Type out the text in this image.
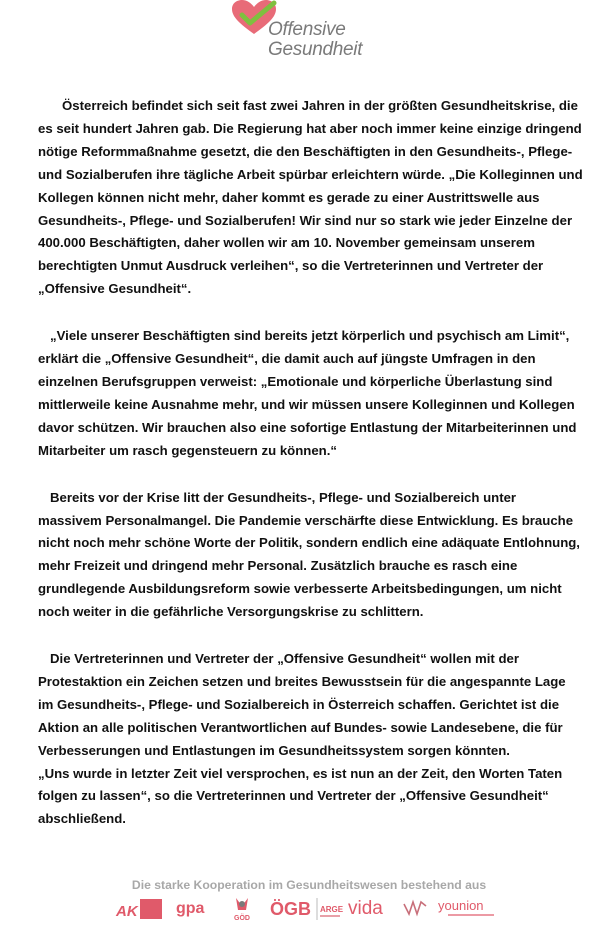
Offensive
Gesundheit

Österreich befindet sich seit fast zwei Jahren in der größten Gesundheitskrise, die es seit hundert Jahren gab. Die Regierung hat aber noch immer keine einzige dringend nötige Reformmaßnahme gesetzt, die den Beschäftigten in den Gesundheits-, Pflege- und Sozialberufen ihre tägliche Arbeit spürbar erleichtern würde. „Die Kolleginnen und Kollegen können nicht mehr, daher kommt es gerade zu einer Austrittswelle aus Gesundheits-, Pflege- und Sozialberufen! Wir sind nur so stark wie jeder Einzelne der 400.000 Beschäftigten, daher wollen wir am 10. November gemeinsam unserem berechtigten Unmut Ausdruck verleihen“, so die Vertreterinnen und Vertreter der „Offensive Gesundheit“.

„Viele unserer Beschäftigten sind bereits jetzt körperlich und psychisch am Limit“, erklärt die „Offensive Gesundheit“, die damit auch auf jüngste Umfragen in den einzelnen Berufsgruppen verweist: „Emotionale und körperliche Überlastung sind mittlerweile keine Ausnahme mehr, und wir müssen unsere Kolleginnen und Kollegen davor schützen. Wir brauchen also eine sofortige Entlastung der Mitarbeiterinnen und Mitarbeiter um rasch gegensteuern zu können.“

Bereits vor der Krise litt der Gesundheits-, Pflege- und Sozialbereich unter massivem Personalmangel. Die Pandemie verschärfte diese Entwicklung. Es brauche nicht noch mehr schöne Worte der Politik, sondern endlich eine adäquate Entlohnung, mehr Freizeit und dringend mehr Personal. Zusätzlich brauche es rasch eine grundlegende Ausbildungsreform sowie verbesserte Arbeitsbedingungen, um nicht noch weiter in die gefährliche Versorgungskrise zu schlittern.

Die Vertreterinnen und Vertreter der „Offensive Gesundheit“ wollen mit der Protestaktion ein Zeichen setzen und breites Bewusstsein für die angespannte Lage im Gesundheits-, Pflege- und Sozialbereich in Österreich schaffen. Gerichtet ist die Aktion an alle politischen Verantwortlichen auf Bundes- sowie Landesebene, die für Verbesserungen und Entlastungen im Gesundheitssystem sorgen könnten.
„Uns wurde in letzter Zeit viel versprochen, es ist nun an der Zeit, den Worten Taten folgen zu lassen“, so die Vertreterinnen und Vertreter der „Offensive Gesundheit“ abschließend.

Die starke Kooperation im Gesundheitswesen bestehend aus
AK gpa
GÖD ÖGB ARGE vida	younion
